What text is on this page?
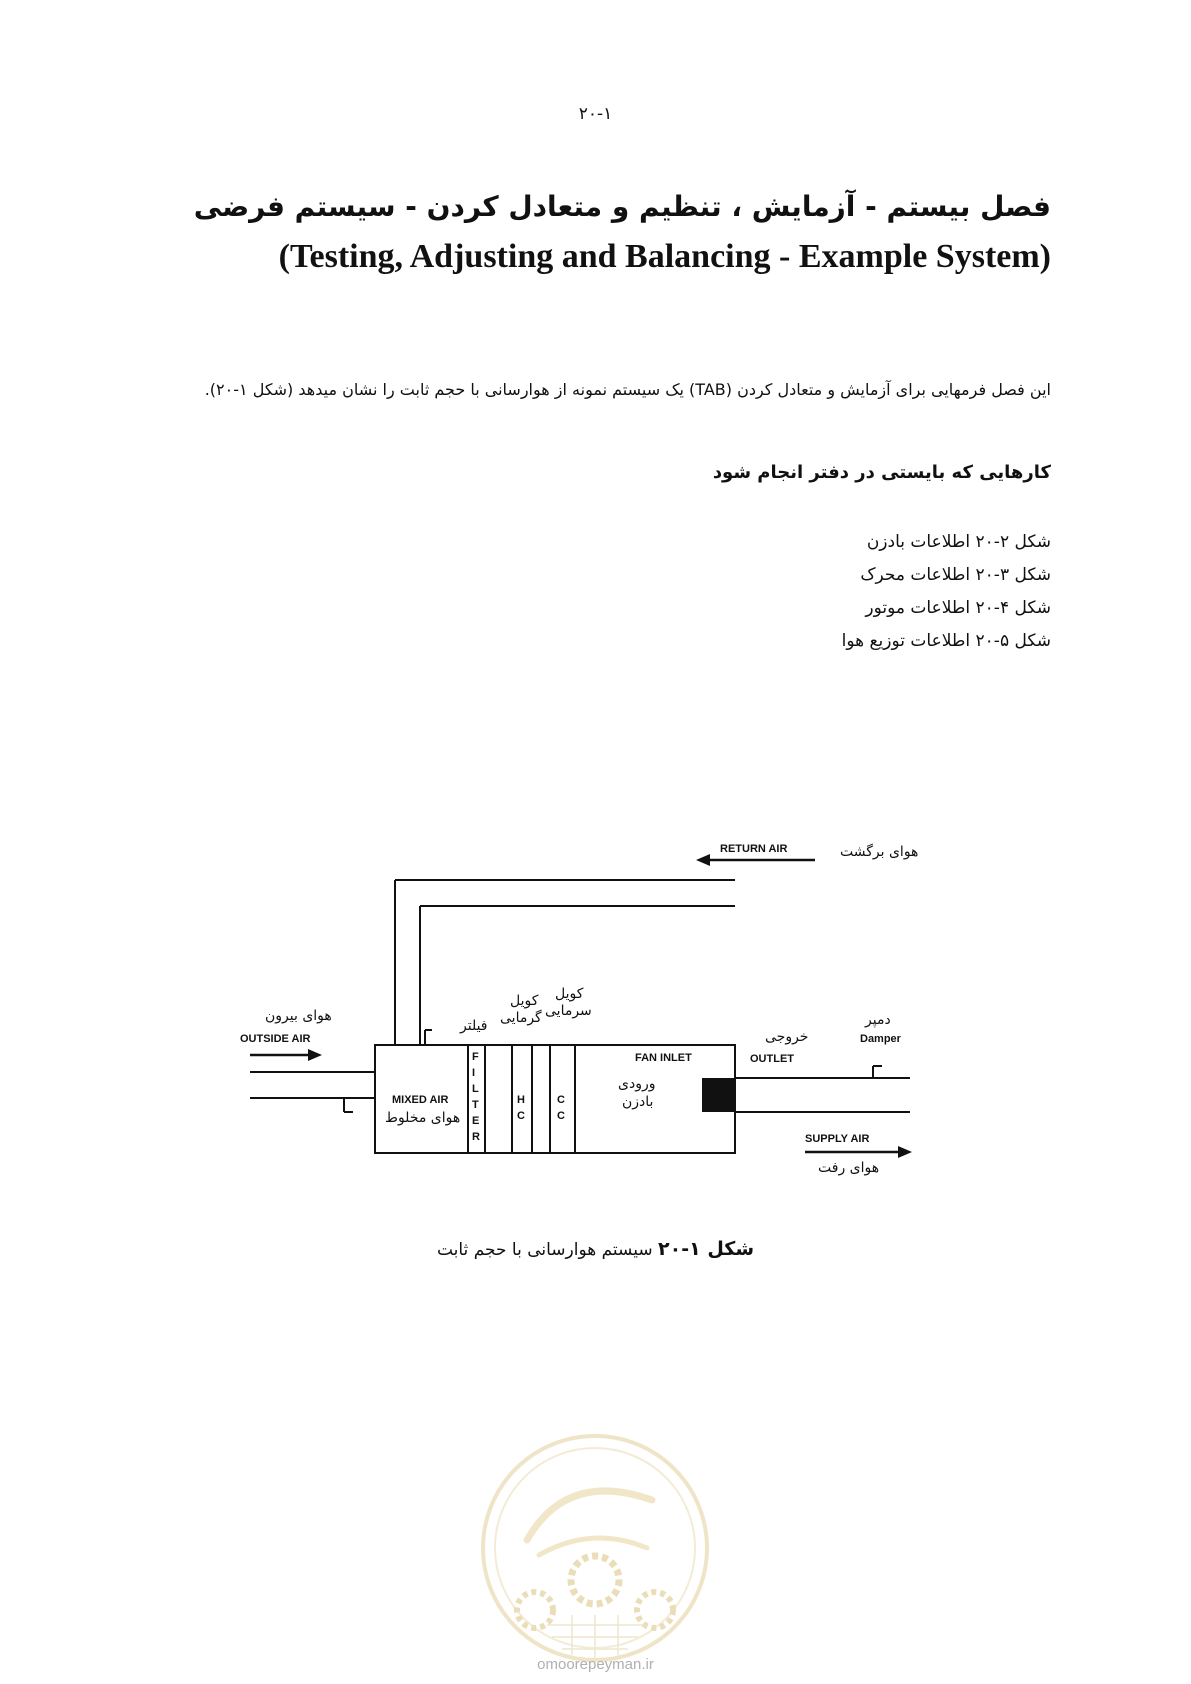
۲۰-۱
فصل بیستم - آزمایش ، تنظیم و متعادل کردن - سیستم فرضی
(Testing, Adjusting and Balancing - Example System)

این فصل فرمهایی برای آزمایش و متعادل کردن (TAB) یک سیستم نمونه از هوارسانی با حجم ثابت را نشان میدهد (شکل ۱-۲۰).

کارهایی که بایستی در دفتر انجام شود
شکل ۲-۲۰ اطلاعات بادزن
شکل ۳-۲۰ اطلاعات محرک
شکل ۴-۲۰ اطلاعات موتور
شکل ۵-۲۰ اطلاعات توزیع هوا
RETURN AIR	هوای برگشت
هوای بیرون
OUTSIDE AIR
MIXED AIR
هوای مخلوط
فیلتر
F
I
L
T
E
R
کویل
گرمایی
H
C
کویل
سرمایی
C
C
FAN INLET
ورودی
بادزن
خروجی
OUTLET
دمپر
Damper
SUPPLY AIR
هوای رفت
شکل ۱-۲۰ سیستم هوارسانی با حجم ثابت
omoorepeyman.ir
